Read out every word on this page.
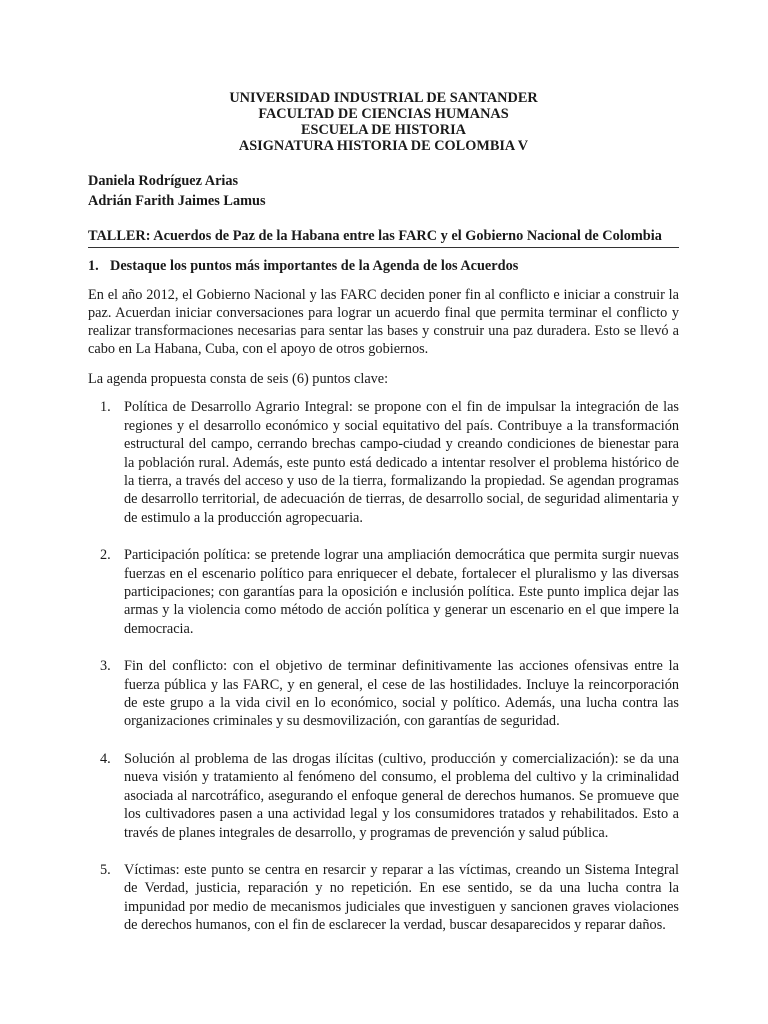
UNIVERSIDAD INDUSTRIAL DE SANTANDER
FACULTAD DE CIENCIAS HUMANAS
ESCUELA DE HISTORIA
ASIGNATURA HISTORIA DE COLOMBIA V
Daniela Rodríguez Arias
Adrián Farith Jaimes Lamus
TALLER: Acuerdos de Paz de la Habana entre las FARC y el Gobierno Nacional de Colombia
1. Destaque los puntos más importantes de la Agenda de los Acuerdos
En el año 2012, el Gobierno Nacional y las FARC deciden poner fin al conflicto e iniciar a construir la paz. Acuerdan iniciar conversaciones para lograr un acuerdo final que permita terminar el conflicto y realizar transformaciones necesarias para sentar las bases y construir una paz duradera. Esto se llevó a cabo en La Habana, Cuba, con el apoyo de otros gobiernos.
La agenda propuesta consta de seis (6) puntos clave:
1. Política de Desarrollo Agrario Integral: se propone con el fin de impulsar la integración de las regiones y el desarrollo económico y social equitativo del país. Contribuye a la transformación estructural del campo, cerrando brechas campo-ciudad y creando condiciones de bienestar para la población rural. Además, este punto está dedicado a intentar resolver el problema histórico de la tierra, a través del acceso y uso de la tierra, formalizando la propiedad. Se agendan programas de desarrollo territorial, de adecuación de tierras, de desarrollo social, de seguridad alimentaria y de estimulo a la producción agropecuaria.
2. Participación política: se pretende lograr una ampliación democrática que permita surgir nuevas fuerzas en el escenario político para enriquecer el debate, fortalecer el pluralismo y las diversas participaciones; con garantías para la oposición e inclusión política. Este punto implica dejar las armas y la violencia como método de acción política y generar un escenario en el que impere la democracia.
3. Fin del conflicto: con el objetivo de terminar definitivamente las acciones ofensivas entre la fuerza pública y las FARC, y en general, el cese de las hostilidades. Incluye la reincorporación de este grupo a la vida civil en lo económico, social y político. Además, una lucha contra las organizaciones criminales y su desmovilización, con garantías de seguridad.
4. Solución al problema de las drogas ilícitas (cultivo, producción y comercialización): se da una nueva visión y tratamiento al fenómeno del consumo, el problema del cultivo y la criminalidad asociada al narcotráfico, asegurando el enfoque general de derechos humanos. Se promueve que los cultivadores pasen a una actividad legal y los consumidores tratados y rehabilitados. Esto a través de planes integrales de desarrollo, y programas de prevención y salud pública.
5. Víctimas: este punto se centra en resarcir y reparar a las víctimas, creando un Sistema Integral de Verdad, justicia, reparación y no repetición. En ese sentido, se da una lucha contra la impunidad por medio de mecanismos judiciales que investiguen y sancionen graves violaciones de derechos humanos, con el fin de esclarecer la verdad, buscar desaparecidos y reparar daños.
